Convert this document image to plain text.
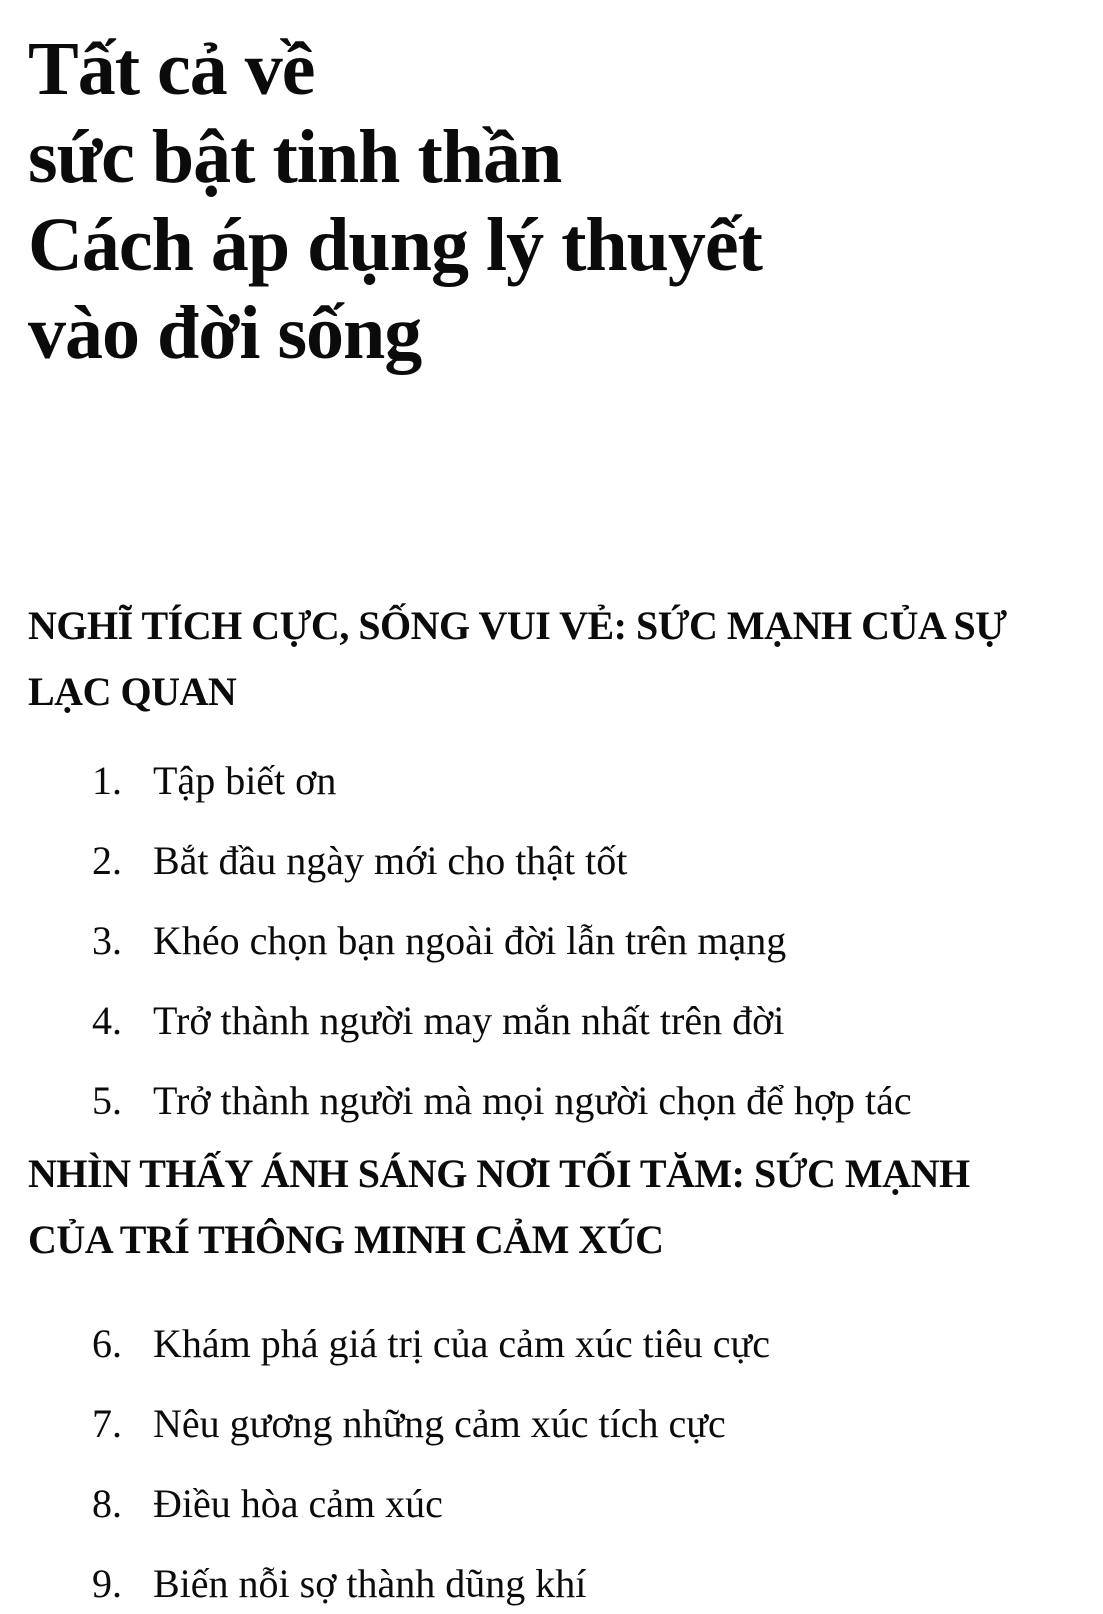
Tất cả về
sức bật tinh thần
Cách áp dụng lý thuyết
vào đời sống
NGHĨ TÍCH CỰC, SỐNG VUI VẺ: SỨC MẠNH CỦA SỰ
LẠC QUAN
1. Tập biết ơn
2. Bắt đầu ngày mới cho thật tốt
3. Khéo chọn bạn ngoài đời lẫn trên mạng
4. Trở thành người may mắn nhất trên đời
5. Trở thành người mà mọi người chọn để hợp tác
NHÌN THẤY ÁNH SÁNG NƠI TỐI TĂM: SỨC MẠNH
CỦA TRÍ THÔNG MINH CẢM XÚC
6. Khám phá giá trị của cảm xúc tiêu cực
7. Nêu gương những cảm xúc tích cực
8. Điều hòa cảm xúc
9. Biến nỗi sợ thành dũng khí
